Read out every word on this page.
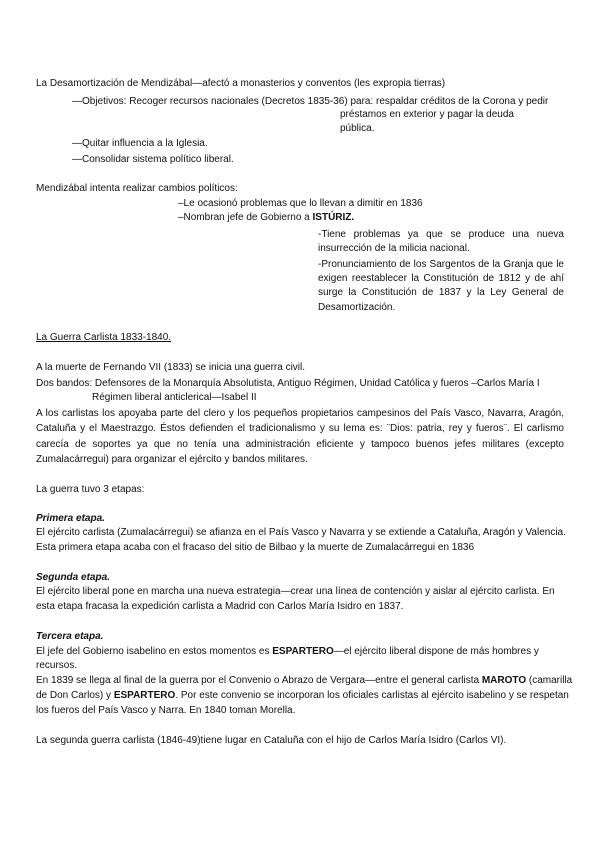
La Desamortización de Mendizábal—afectó a monasterios y conventos (les expropia tierras)
—Objetivos: Recoger recursos nacionales (Decretos 1835-36) para: respaldar créditos de la Corona y pedir
préstamos en exterior y pagar la deuda
pública.
—Quitar influencia a la Iglesia.
—Consolidar sistema político liberal.
Mendizábal intenta realizar cambios políticos:
–Le ocasionó problemas que lo llevan a dimitir en 1836
–Nombran jefe de Gobierno a ISTÚRIZ.
-Tiene problemas ya que se produce una nueva
insurrección de la milicia nacional.
-Pronunciamiento de los Sargentos de la Granja que le
exigen reestablecer la Constitución de 1812 y de ahí
surge la Constitución de 1837 y la Ley General de
Desamortización.
La Guerra Carlista 1833-1840.
A la muerte de Fernando VII (1833) se inicia una guerra civil.
Dos bandos: Defensores de la Monarquía Absolutista, Antiguo Régimen, Unidad Católica y fueros –Carlos María I
Régimen liberal anticlerical—Isabel II
A los carlistas los apoyaba parte del clero y los pequeños propietarios campesinos del País Vasco, Navarra, Aragón,
Cataluña y el Maestrazgo. Éstos defienden el tradicionalismo y su lema es: ¨Dios: patria, rey y fueros¨. El carlismo
carecía de soportes ya que no tenía una administración eficiente y tampoco buenos jefes militares (excepto
Zumalacárregui) para organizar el ejército y bandos militares.
La guerra tuvo 3 etapas:
Primera etapa.
El ejército carlista (Zumalacárregui) se afianza en el País Vasco y Navarra y se extiende a Cataluña, Aragón y Valencia.
Esta primera etapa acaba con el fracaso del sitio de Bilbao y la muerte de Zumalacárregui en 1836
Segunda etapa.
El ejército liberal pone en marcha una nueva estrategia—crear una línea de contención y aislar al ejército carlista. En
esta etapa fracasa la expedición carlista a Madrid con Carlos María Isidro en 1837.
Tercera etapa.
El jefe del Gobierno isabelino en estos momentos es ESPARTERO—el ejército liberal dispone de más hombres y
recursos.
En 1839 se llega al final de la guerra por el Convenio o Abrazo de Vergara—entre el general carlista MAROTO (camarilla
de Don Carlos) y ESPARTERO. Por este convenio se incorporan los oficiales carlistas al ejército isabelino y se respetan
los fueros del País Vasco y Narra. En 1840 toman Morella.
La segunda guerra carlista (1846-49)tiene lugar en Cataluña con el hijo de Carlos María Isidro (Carlos VI).
